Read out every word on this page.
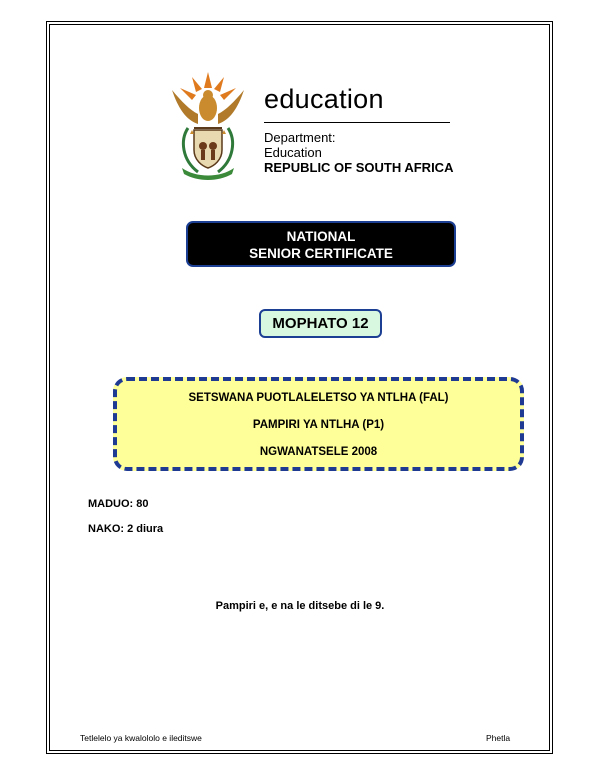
education
Department:
Education
REPUBLIC OF SOUTH AFRICA
NATIONAL
SENIOR CERTIFICATE
MOPHATO 12
SETSWANA PUOTLALELETSO YA NTLHA (FAL)
PAMPIRI YA NTLHA (P1)
NGWANATSELE 2008
MADUO: 80
NAKO: 2 diura
Pampiri e, e na le ditsebe di le 9.
Tetlelelo ya kwalololo e ileditswe	Phetla
